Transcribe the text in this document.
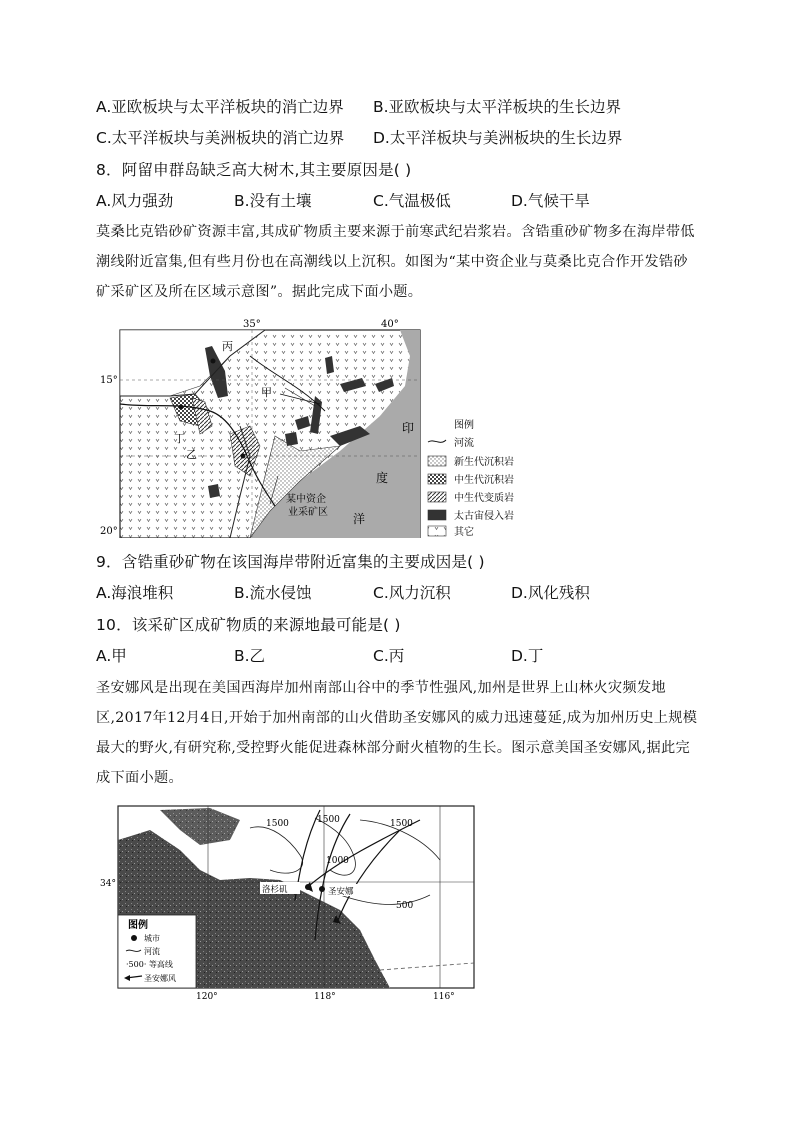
A.亚欧板块与太平洋板块的消亡边界 B.亚欧板块与太平洋板块的生长边界
C.太平洋板块与美洲板块的消亡边界 D.太平洋板块与美洲板块的生长边界
8．阿留申群岛缺乏高大树木,其主要原因是( )
A.风力强劲	B.没有土壤	C.气温极低	D.气候干旱
莫桑比克锆砂矿资源丰富,其成矿物质主要来源于前寒武纪岩浆岩。含锆重砂矿物多在海岸带低潮线附近富集,但有些月份也在高潮线以上沉积。如图为“某中资企业与莫桑比克合作开发锆砂矿采矿区及所在区域示意图”。据此完成下面小题。
35°	40°
15°
20°
丙
甲
丁
乙
印
度
洋
某中资企
业采矿区
图例
河流
新生代沉积岩
中生代沉积岩
中生代变质岩
太古宙侵入岩
其它
9．含锆重砂矿物在该国海岸带附近富集的主要成因是( )
A.海浪堆积	B.流水侵蚀	C.风力沉积	D.风化残积
10．该采矿区成矿物质的来源地最可能是( )
A.甲	B.乙	C.丙	D.丁
圣安娜风是出现在美国西海岸加州南部山谷中的季节性强风,加州是世界上山林火灾频发地区,2017年12月4日,开始于加州南部的山火借助圣安娜风的威力迅速蔓延,成为加州历史上规模最大的野火,有研究称,受控野火能促进森林部分耐火植物的生长。图示意美国圣安娜风,据此完成下面小题。
1500	1500	1500
1000
500
34°
120°	118°	116°
洛杉矶	圣安娜
图例
城市
河流
·500· 等高线
圣安娜风
